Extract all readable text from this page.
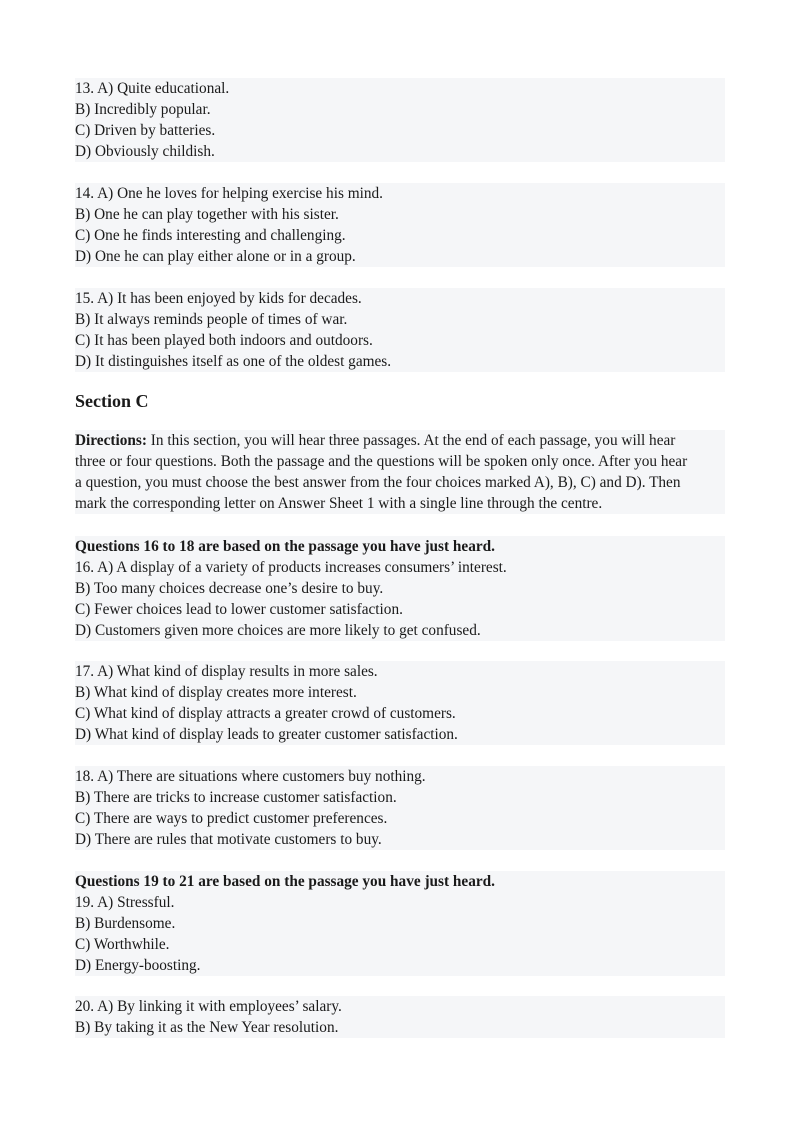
13. A) Quite educational.
B) Incredibly popular.
C) Driven by batteries.
D) Obviously childish.
14. A) One he loves for helping exercise his mind.
B) One he can play together with his sister.
C) One he finds interesting and challenging.
D) One he can play either alone or in a group.
15. A) It has been enjoyed by kids for decades.
B) It always reminds people of times of war.
C) It has been played both indoors and outdoors.
D) It distinguishes itself as one of the oldest games.
Section C
Directions: In this section, you will hear three passages. At the end of each passage, you will hear
three or four questions. Both the passage and the questions will be spoken only once. After you hear
a question, you must choose the best answer from the four choices marked A), B), C) and D). Then
mark the corresponding letter on Answer Sheet 1 with a single line through the centre.
Questions 16 to 18 are based on the passage you have just heard.
16. A) A display of a variety of products increases consumers’ interest.
B) Too many choices decrease one’s desire to buy.
C) Fewer choices lead to lower customer satisfaction.
D) Customers given more choices are more likely to get confused.
17. A) What kind of display results in more sales.
B) What kind of display creates more interest.
C) What kind of display attracts a greater crowd of customers.
D) What kind of display leads to greater customer satisfaction.
18. A) There are situations where customers buy nothing.
B) There are tricks to increase customer satisfaction.
C) There are ways to predict customer preferences.
D) There are rules that motivate customers to buy.
Questions 19 to 21 are based on the passage you have just heard.
19. A) Stressful.
B) Burdensome.
C) Worthwhile.
D) Energy-boosting.
20. A) By linking it with employees’ salary.
B) By taking it as the New Year resolution.
